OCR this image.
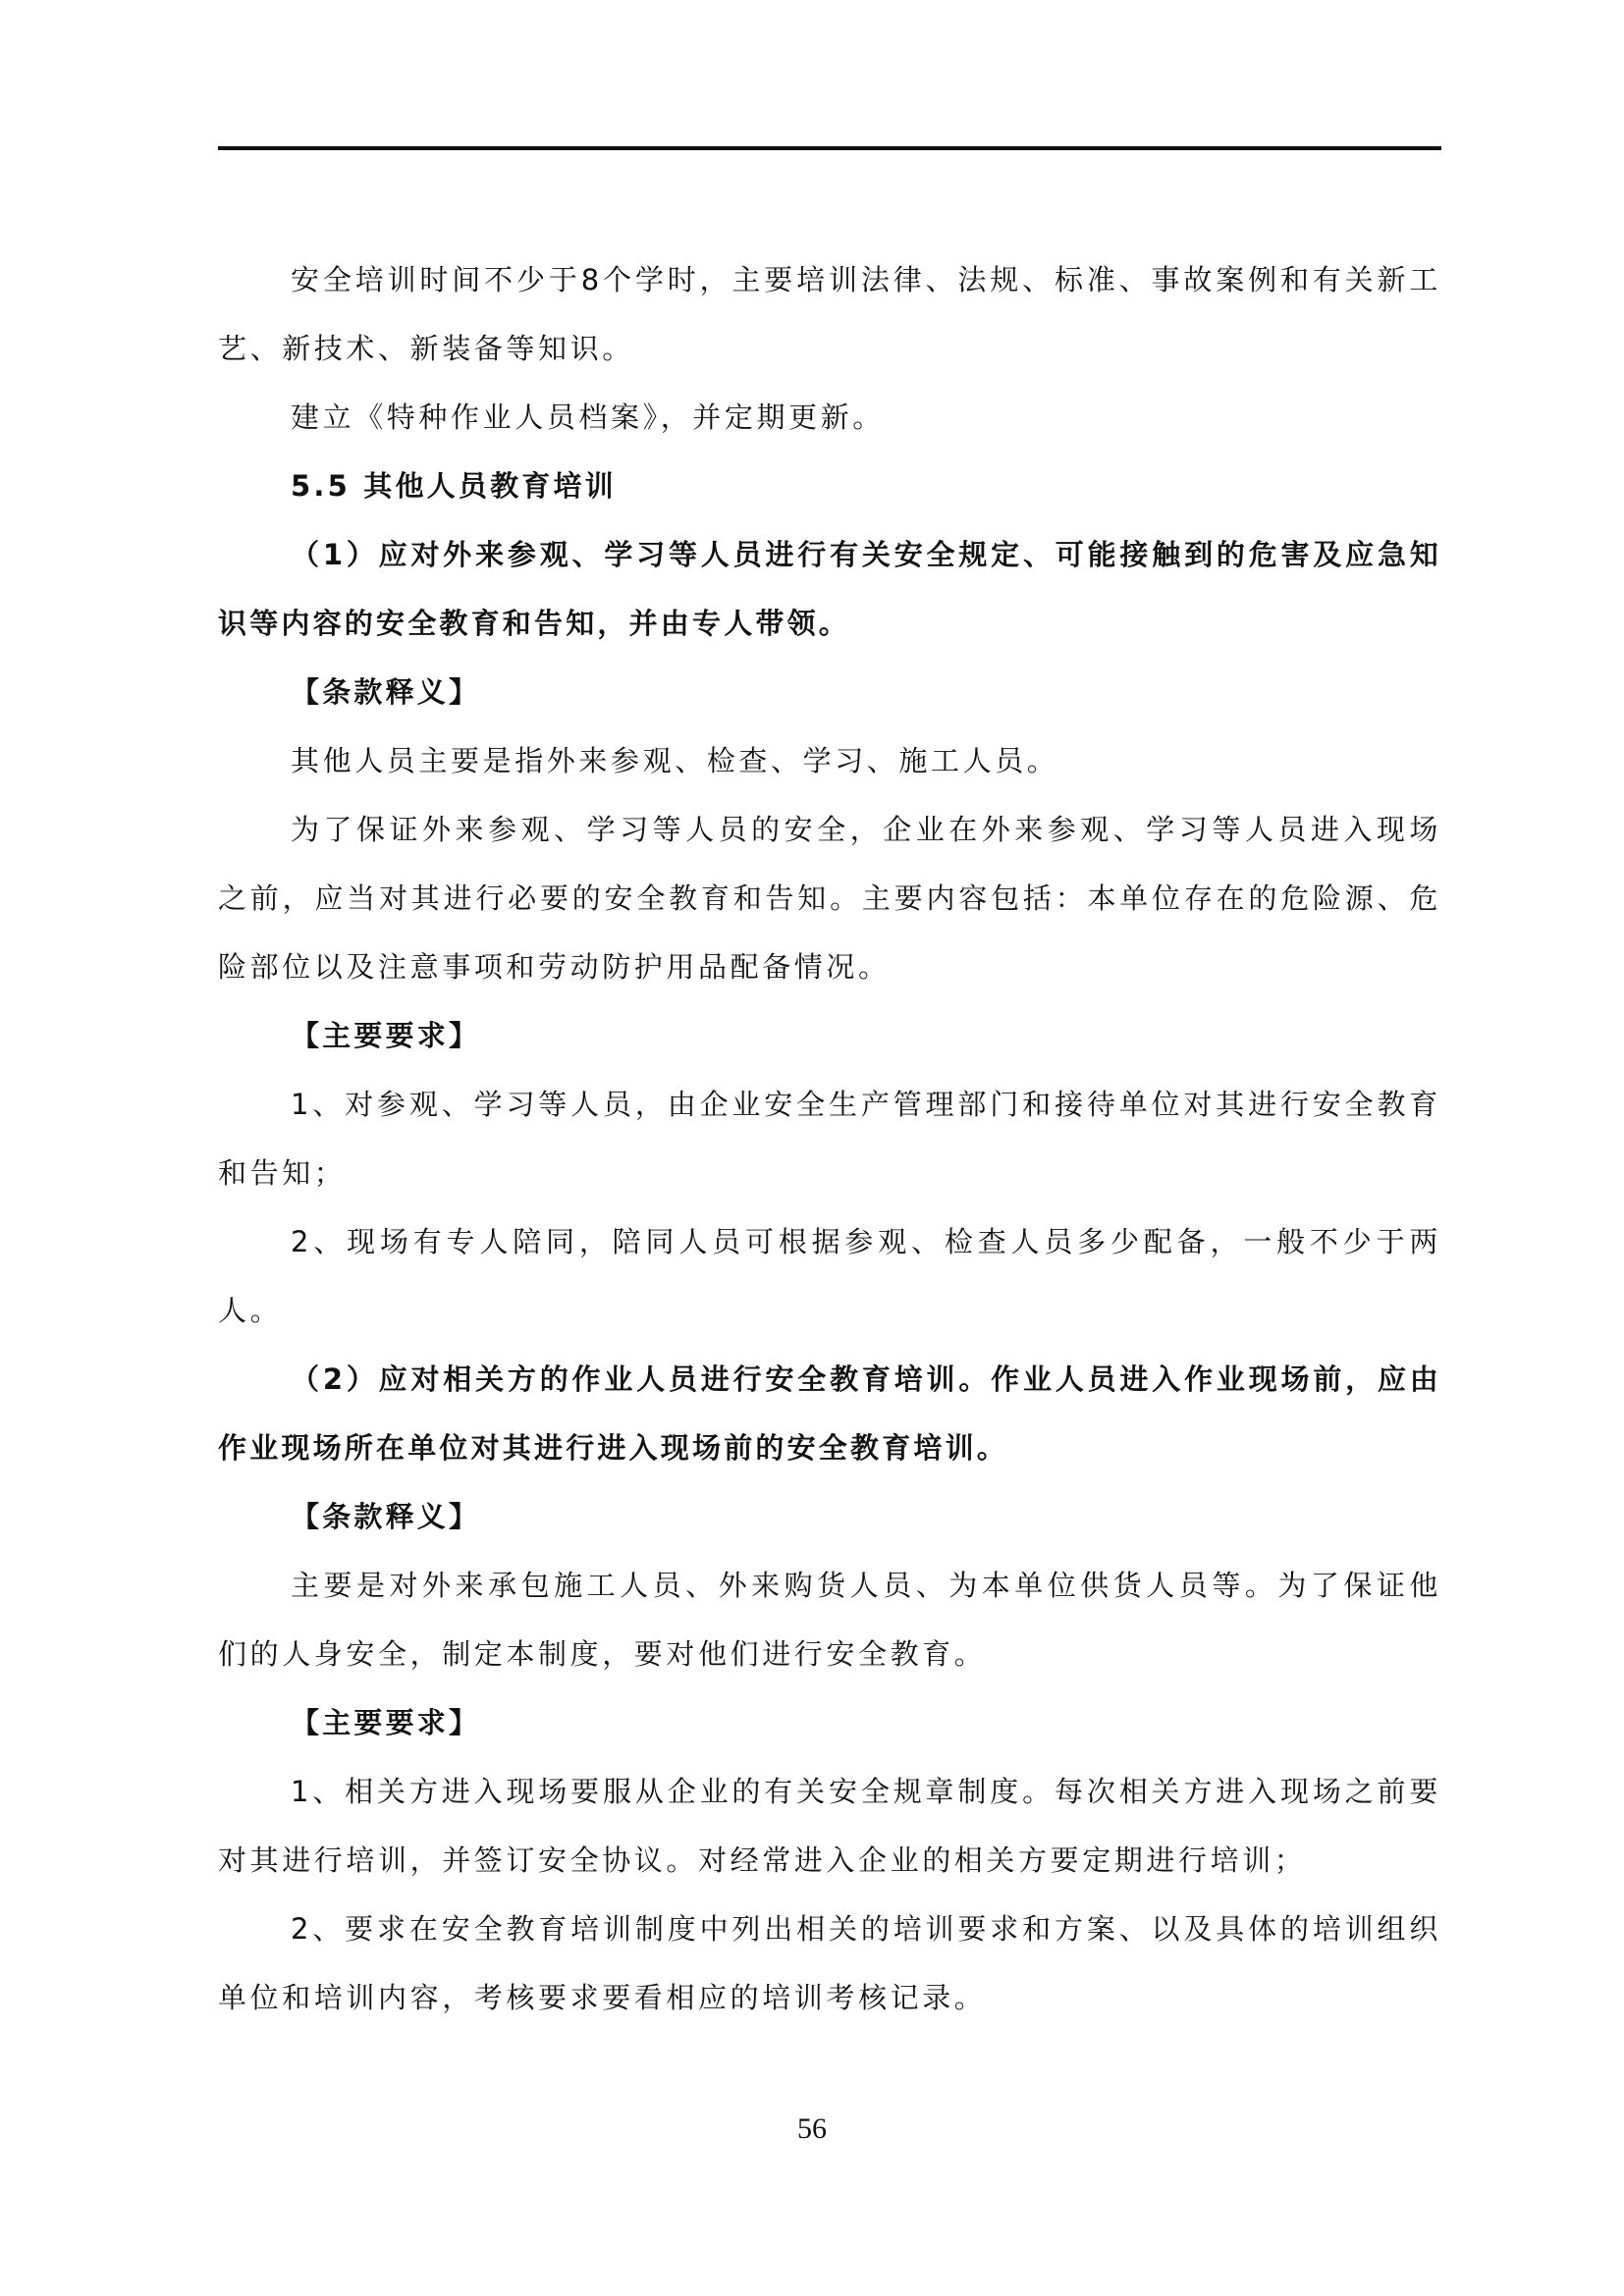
安全培训时间不少于8个学时，主要培训法律、法规、标准、事故案例和有关新工艺、新技术、新装备等知识。

建立《特种作业人员档案》，并定期更新。

5.5 其他人员教育培训

（1）应对外来参观、学习等人员进行有关安全规定、可能接触到的危害及应急知识等内容的安全教育和告知，并由专人带领。

【条款释义】

其他人员主要是指外来参观、检查、学习、施工人员。

为了保证外来参观、学习等人员的安全，企业在外来参观、学习等人员进入现场之前，应当对其进行必要的安全教育和告知。主要内容包括：本单位存在的危险源、危险部位以及注意事项和劳动防护用品配备情况。

【主要要求】

1、对参观、学习等人员，由企业安全生产管理部门和接待单位对其进行安全教育和告知；

2、现场有专人陪同，陪同人员可根据参观、检查人员多少配备，一般不少于两人。

（2）应对相关方的作业人员进行安全教育培训。作业人员进入作业现场前，应由作业现场所在单位对其进行进入现场前的安全教育培训。

【条款释义】

主要是对外来承包施工人员、外来购货人员、为本单位供货人员等。为了保证他们的人身安全，制定本制度，要对他们进行安全教育。

【主要要求】

1、相关方进入现场要服从企业的有关安全规章制度。每次相关方进入现场之前要对其进行培训，并签订安全协议。对经常进入企业的相关方要定期进行培训；

2、要求在安全教育培训制度中列出相关的培训要求和方案、以及具体的培训组织单位和培训内容，考核要求要看相应的培训考核记录。

56
